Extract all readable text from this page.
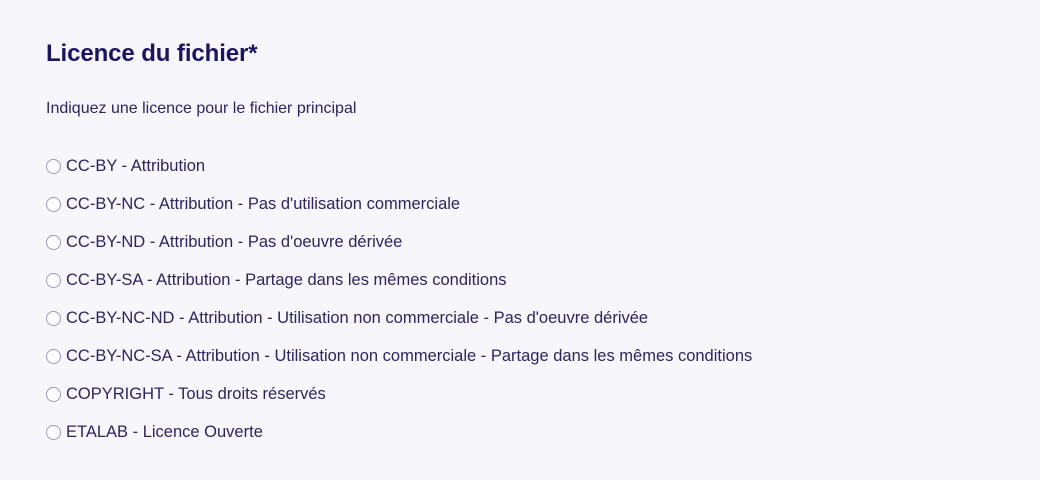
Licence du fichier*

Indiquez une licence pour le fichier principal

CC-BY - Attribution
CC-BY-NC - Attribution - Pas d'utilisation commerciale
CC-BY-ND - Attribution - Pas d'oeuvre dérivée
CC-BY-SA - Attribution - Partage dans les mêmes conditions
CC-BY-NC-ND - Attribution - Utilisation non commerciale - Pas d'oeuvre dérivée
CC-BY-NC-SA - Attribution - Utilisation non commerciale - Partage dans les mêmes conditions
COPYRIGHT - Tous droits réservés
ETALAB - Licence Ouverte
